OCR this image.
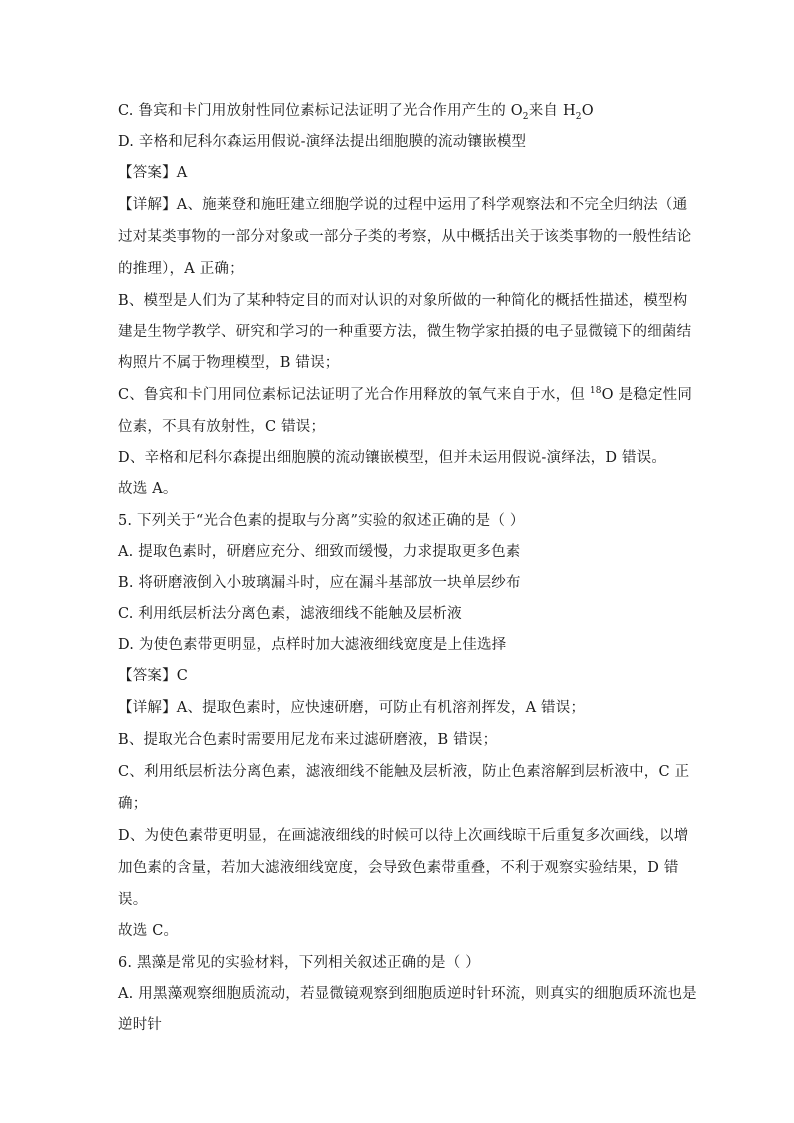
C. 鲁宾和卡门用放射性同位素标记法证明了光合作用产生的 $O_2$来自 $H_2O$
D. 辛格和尼科尔森运用假说-演绎法提出细胞膜的流动镶嵌模型
【答案】A
【详解】A、施莱登和施旺建立细胞学说的过程中运用了科学观察法和不完全归纳法（通
过对某类事物的一部分对象或一部分子类的考察，从中概括出关于该类事物的一般性结论
的推理），A 正确；
B、模型是人们为了某种特定目的而对认识的对象所做的一种简化的概括性描述，模型构
建是生物学教学、研究和学习的一种重要方法，微生物学家拍摄的电子显微镜下的细菌结
构照片不属于物理模型，B 错误；
C、鲁宾和卡门用同位素标记法证明了光合作用释放的氧气来自于水，但 $^{18}$O 是稳定性同
位素，不具有放射性，C 错误；
D、辛格和尼科尔森提出细胞膜的流动镶嵌模型，但并未运用假说-演绎法，D 错误。
故选 A。
5. 下列关于“光合色素的提取与分离”实验的叙述正确的是（ ）
A. 提取色素时，研磨应充分、细致而缓慢，力求提取更多色素
B. 将研磨液倒入小玻璃漏斗时，应在漏斗基部放一块单层纱布
C. 利用纸层析法分离色素，滤液细线不能触及层析液
D. 为使色素带更明显，点样时加大滤液细线宽度是上佳选择
【答案】C
【详解】A、提取色素时，应快速研磨，可防止有机溶剂挥发，A 错误；
B、提取光合色素时需要用尼龙布来过滤研磨液，B 错误；
C、利用纸层析法分离色素，滤液细线不能触及层析液，防止色素溶解到层析液中，C 正
确；
D、为使色素带更明显，在画滤液细线的时候可以待上次画线晾干后重复多次画线，以增
加色素的含量，若加大滤液细线宽度，会导致色素带重叠，不利于观察实验结果，D 错
误。
故选 C。
6. 黑藻是常见的实验材料，下列相关叙述正确的是（ ）
A. 用黑藻观察细胞质流动，若显微镜观察到细胞质逆时针环流，则真实的细胞质环流也是
逆时针
